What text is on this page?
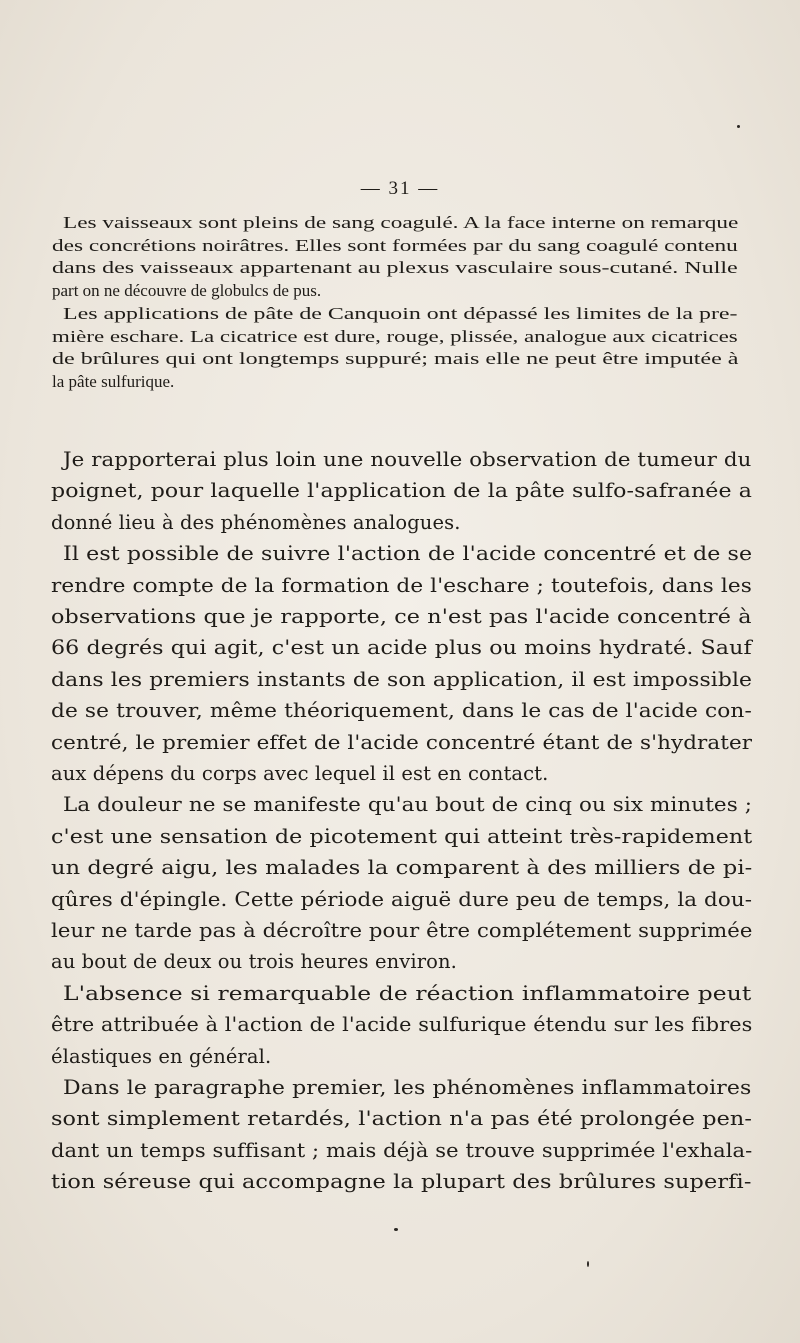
— 31 —
Les vaisseaux sont pleins de sang coagulé. A la face interne on remarque
des concrétions noirâtres. Elles sont formées par du sang coagulé contenu
dans des vaisseaux appartenant au plexus vasculaire sous-cutané. Nulle
part on ne découvre de globulcs de pus.
Les applications de pâte de Canquoin ont dépassé les limites de la pre-
mière eschare. La cicatrice est dure, rouge, plissée, analogue aux cicatrices
de brûlures qui ont longtemps suppuré; mais elle ne peut être imputée à
la pâte sulfurique.
Je rapporterai plus loin une nouvelle observation de tumeur du
poignet, pour laquelle l'application de la pâte sulfo-safranée a
donné lieu à des phénomènes analogues.
Il est possible de suivre l'action de l'acide concentré et de se
rendre compte de la formation de l'eschare ; toutefois, dans les
observations que je rapporte, ce n'est pas l'acide concentré à
66 degrés qui agit, c'est un acide plus ou moins hydraté. Sauf
dans les premiers instants de son application, il est impossible
de se trouver, même théoriquement, dans le cas de l'acide con-
centré, le premier effet de l'acide concentré étant de s'hydrater
aux dépens du corps avec lequel il est en contact.
La douleur ne se manifeste qu'au bout de cinq ou six minutes ;
c'est une sensation de picotement qui atteint très-rapidement
un degré aigu, les malades la comparent à des milliers de pi-
qûres d'épingle. Cette période aiguë dure peu de temps, la dou-
leur ne tarde pas à décroître pour être complétement supprimée
au bout de deux ou trois heures environ.
L'absence si remarquable de réaction inflammatoire peut
être attribuée à l'action de l'acide sulfurique étendu sur les fibres
élastiques en général.
Dans le paragraphe premier, les phénomènes inflammatoires
sont simplement retardés, l'action n'a pas été prolongée pen-
dant un temps suffisant ; mais déjà se trouve supprimée l'exhala-
tion séreuse qui accompagne la plupart des brûlures superfi-
